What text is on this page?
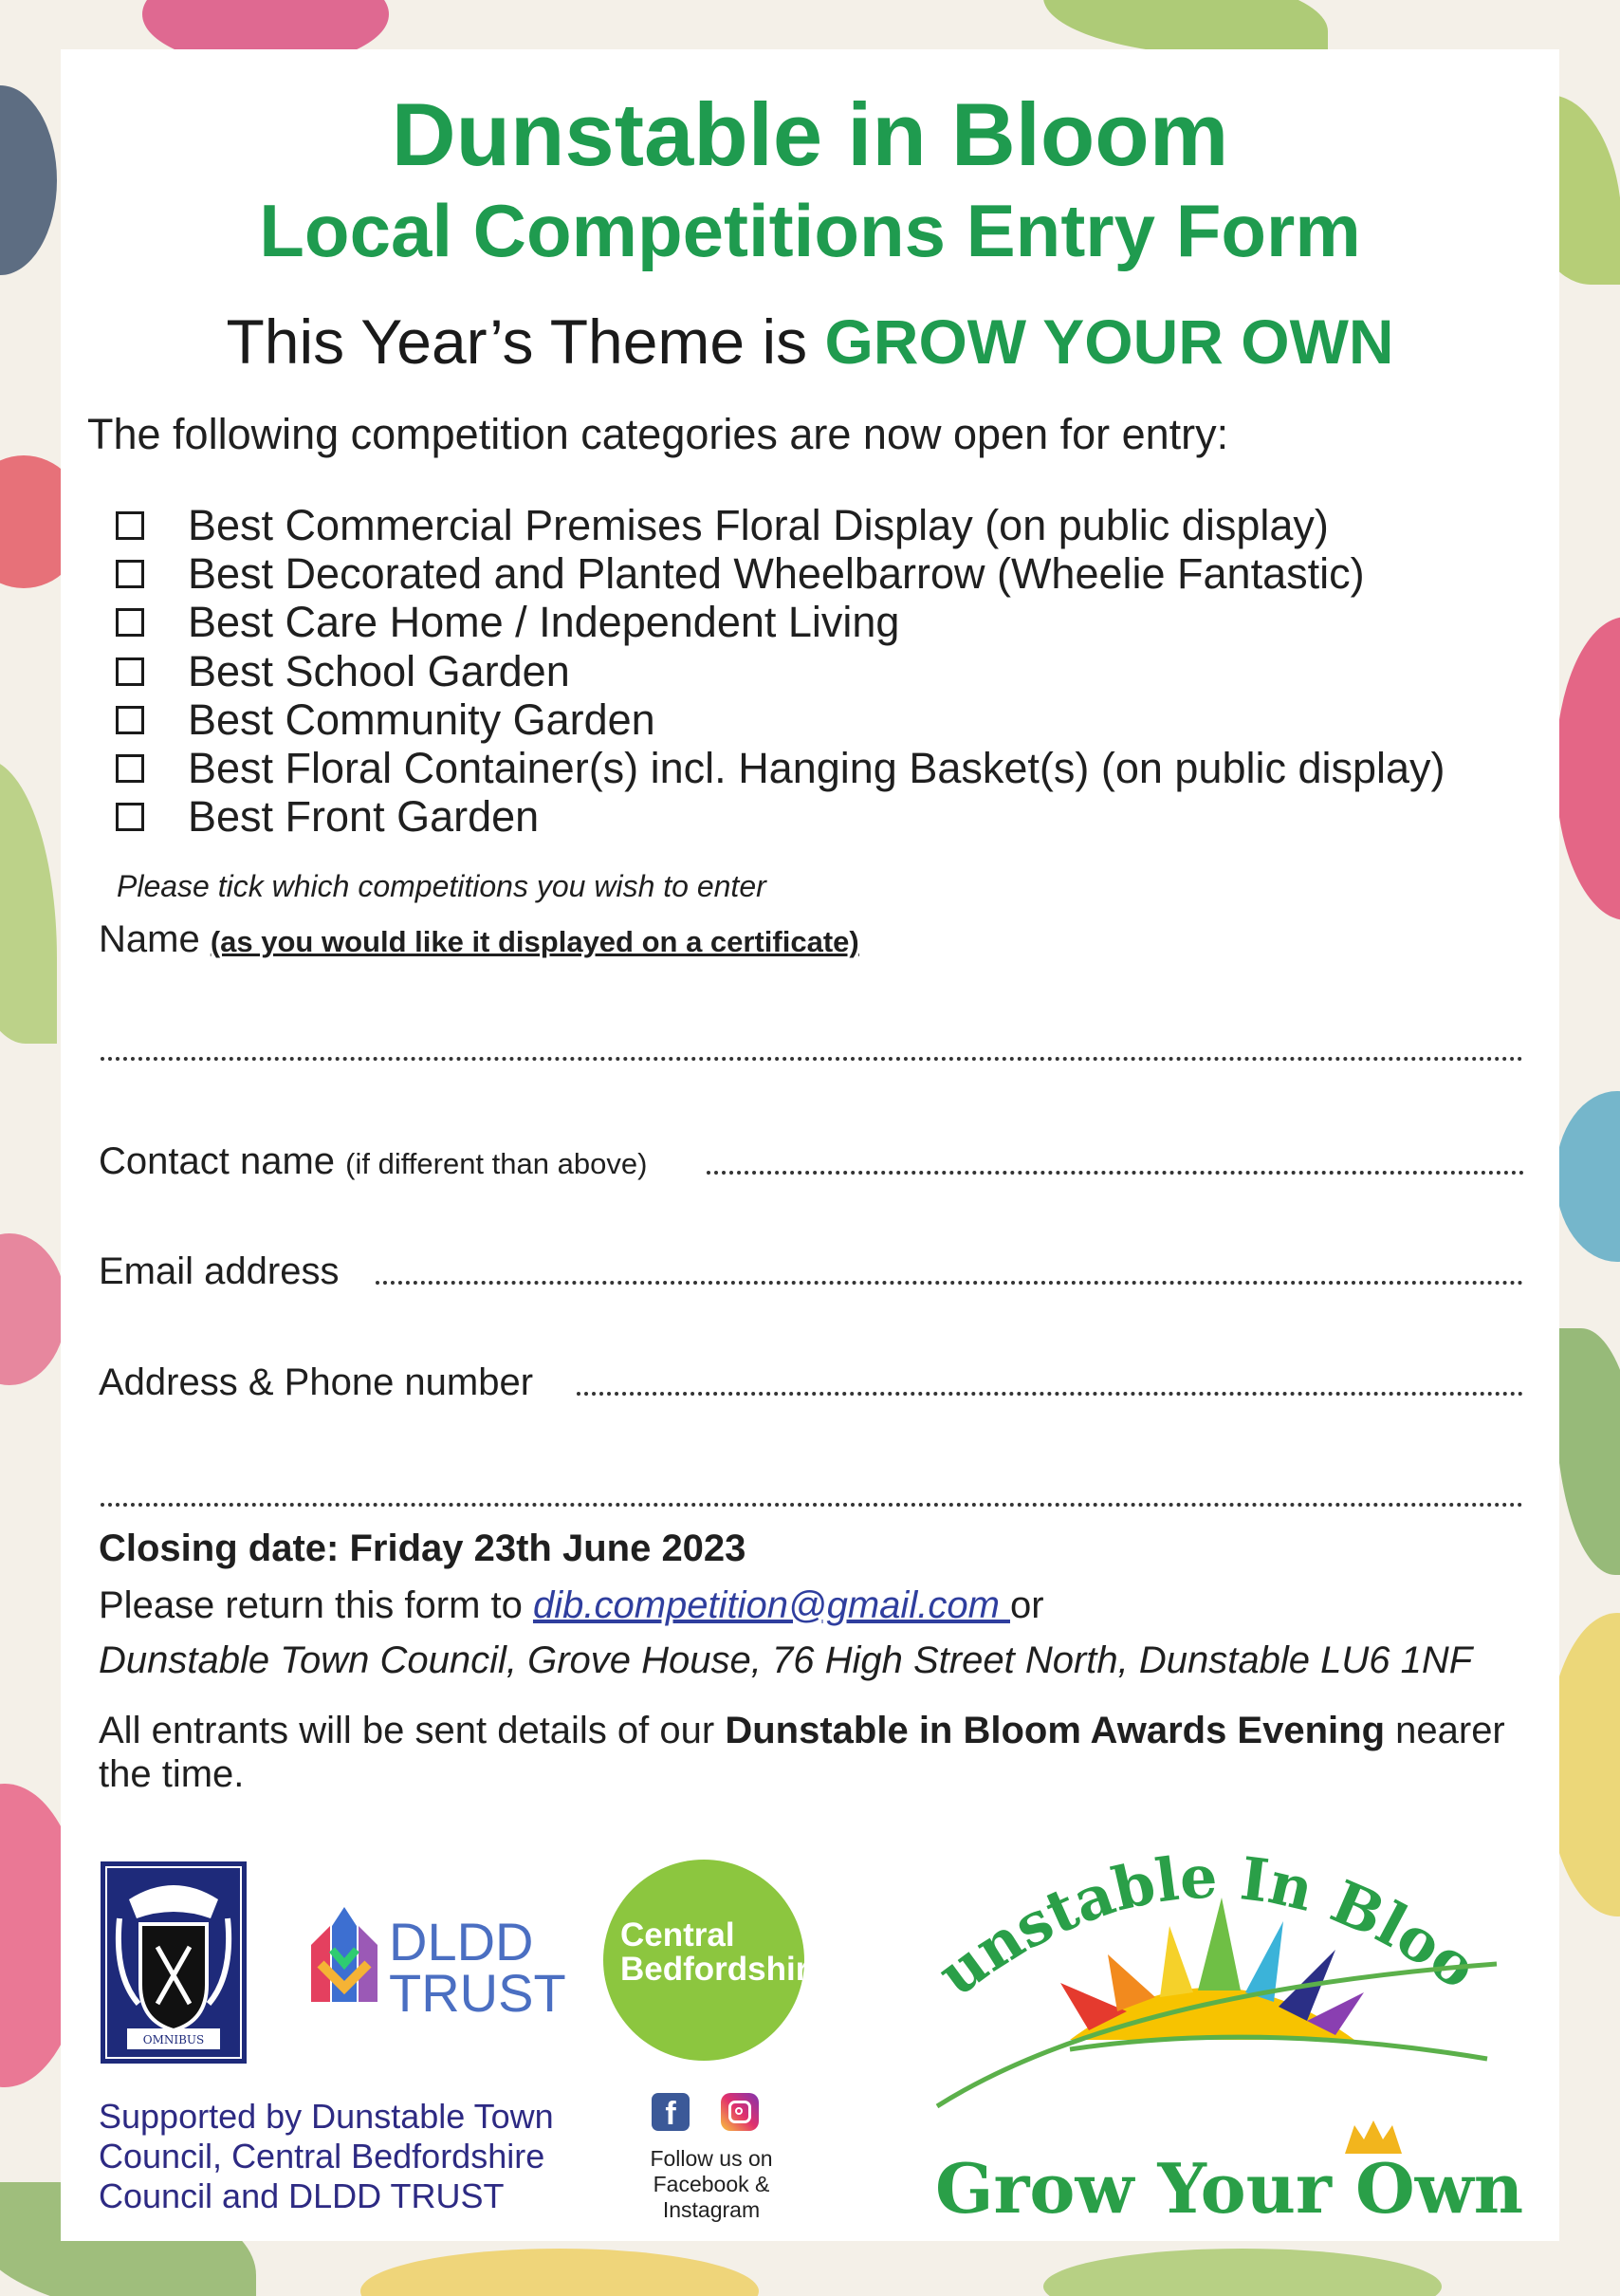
Dunstable in Bloom
Local Competitions Entry Form
This Year’s Theme is GROW YOUR OWN
The following competition categories are now open for entry:
Best Commercial Premises Floral Display (on public display)
Best Decorated and Planted Wheelbarrow (Wheelie Fantastic)
Best Care Home / Independent Living
Best School Garden
Best Community Garden
Best Floral Container(s) incl. Hanging Basket(s) (on public display)
Best Front Garden
Please tick which competitions you wish to enter
Name (as you would like it displayed on a certificate)
Contact name (if different than above)
Email address
Address & Phone number
Closing date: Friday 23th June 2023
Please return this form to dib.competition@gmail.com or
Dunstable Town Council, Grove House, 76 High Street North, Dunstable LU6 1NF
All entrants will be sent details of our Dunstable in Bloom Awards Evening nearer the time.
OMNIBUS
DLDD
TRUST
Central
Bedfordshire	unstable In Bloo
Grow Your Own
Supported by Dunstable Town Council, Central Bedfordshire Council and DLDD TRUST
f
Follow us on Facebook & Instagram
